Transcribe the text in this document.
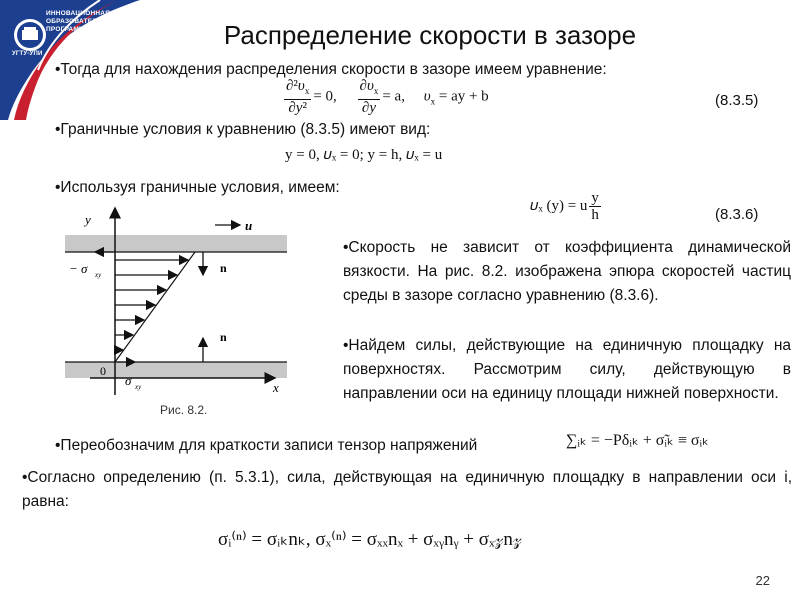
ИННОВАЦИОННАЯ
ОБРАЗОВАТЕЛЬНАЯ
ПРОГРАММА
УГТУ-УПИ
Распределение скорости в зазоре
•Тогда для нахождения распределения скорости в зазоре имеем уравнение:
$\frac{\partial^2\upsilon_x}{\text{∂y²}} = 0$, $\frac{\partial\upsilon_x}{\partial y} = a$, $\upsilon_x$ = ay + b	(8.3.5)
•Граничные условия к уравнению (8.3.5) имеют вид:
y = 0, 𝜐ₓ = 0; y = h, 𝜐ₓ = u
•Используя граничные условия, имеем:
𝜐ₓ (y) = u $\frac{y}{h}$	(8.3.6)
y
x
0
u
n
n
− σ xy
σ xy
Рис. 8.2.
•Скорость не зависит от коэффициента динамической вязкости. На рис. 8.2. изображена эпюра скоростей частиц среды в зазоре согласно уравнению (8.3.6).
•Найдем силы, действующие на единичную площадку на поверхностях. Рассмотрим силу, действующую в направлении оси на единицу площади нижней поверхности.
•Переобозначим для краткости записи тензор напряжений	∑ᵢₖ = −Pδᵢₖ + σ̃ᵢₖ ≡ σᵢₖ
•Согласно определению (п. 5.3.1), сила, действующая на единичную площадку в направлении оси i, равна:
σᵢ⁽ⁿ⁾ = σᵢₖnₖ, σₓ⁽ⁿ⁾ = σₓₓnₓ + σₓᵧnᵧ + σₓ𝓏n𝓏
22
